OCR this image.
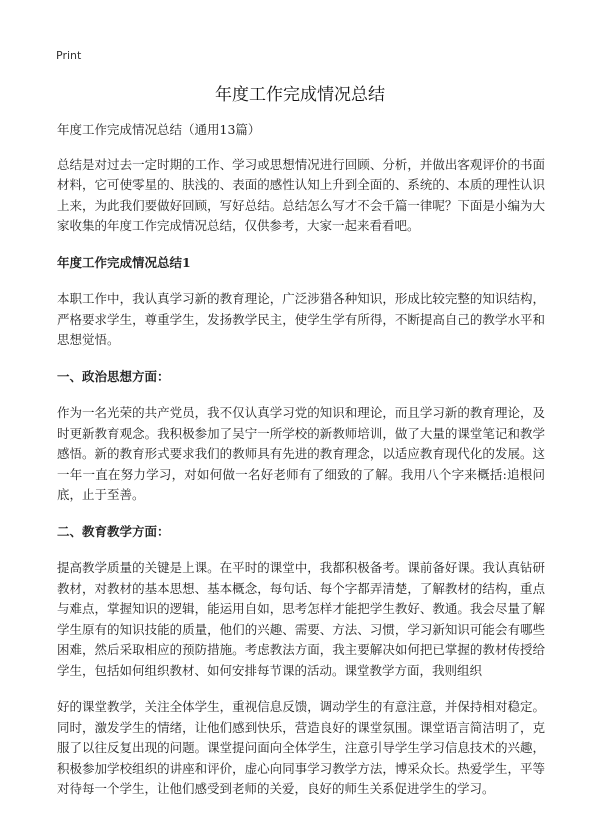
Print
年度工作完成情况总结

年度工作完成情况总结（通用13篇）

总结是对过去一定时期的工作、学习或思想情况进行回顾、分析，并做出客观评价的书面材料，它可使零星的、肤浅的、表面的感性认知上升到全面的、系统的、本质的理性认识上来，为此我们要做好回顾，写好总结。总结怎么写才不会千篇一律呢？下面是小编为大家收集的年度工作完成情况总结，仅供参考，大家一起来看看吧。

年度工作完成情况总结1

本职工作中，我认真学习新的教育理论，广泛涉猎各种知识，形成比较完整的知识结构，严格要求学生，尊重学生，发扬教学民主，使学生学有所得，不断提高自己的教学水平和思想觉悟。

一、政治思想方面：

作为一名光荣的共产党员，我不仅认真学习党的知识和理论，而且学习新的教育理论，及时更新教育观念。我积极参加了吴宁一所学校的新教师培训，做了大量的课堂笔记和教学感悟。新的教育形式要求我们的教师具有先进的教育理念，以适应教育现代化的发展。这一年一直在努力学习，对如何做一名好老师有了细致的了解。我用八个字来概括:追根问底，止于至善。

二、教育教学方面：

提高教学质量的关键是上课。在平时的课堂中，我都积极备考。课前备好课。我认真钻研教材，对教材的基本思想、基本概念，每句话、每个字都弄清楚，了解教材的结构，重点与难点，掌握知识的逻辑，能运用自如，思考怎样才能把学生教好、教通。我会尽量了解学生原有的知识技能的质量，他们的兴趣、需要、方法、习惯，学习新知识可能会有哪些困难，然后采取相应的预防措施。考虑教法方面，我主要解决如何把已掌握的教材传授给学生，包括如何组织教材、如何安排每节课的活动。课堂教学方面，我则组织

好的课堂教学，关注全体学生，重视信息反馈，调动学生的有意注意，并保持相对稳定。同时，激发学生的情绪，让他们感到快乐，营造良好的课堂氛围。课堂语言简洁明了，克服了以往反复出现的问题。课堂提问面向全体学生，注意引导学生学习信息技术的兴趣，积极参加学校组织的讲座和评价，虚心向同事学习教学方法，博采众长。热爱学生，平等对待每一个学生，让他们感受到老师的关爱，良好的师生关系促进学生的学习。
